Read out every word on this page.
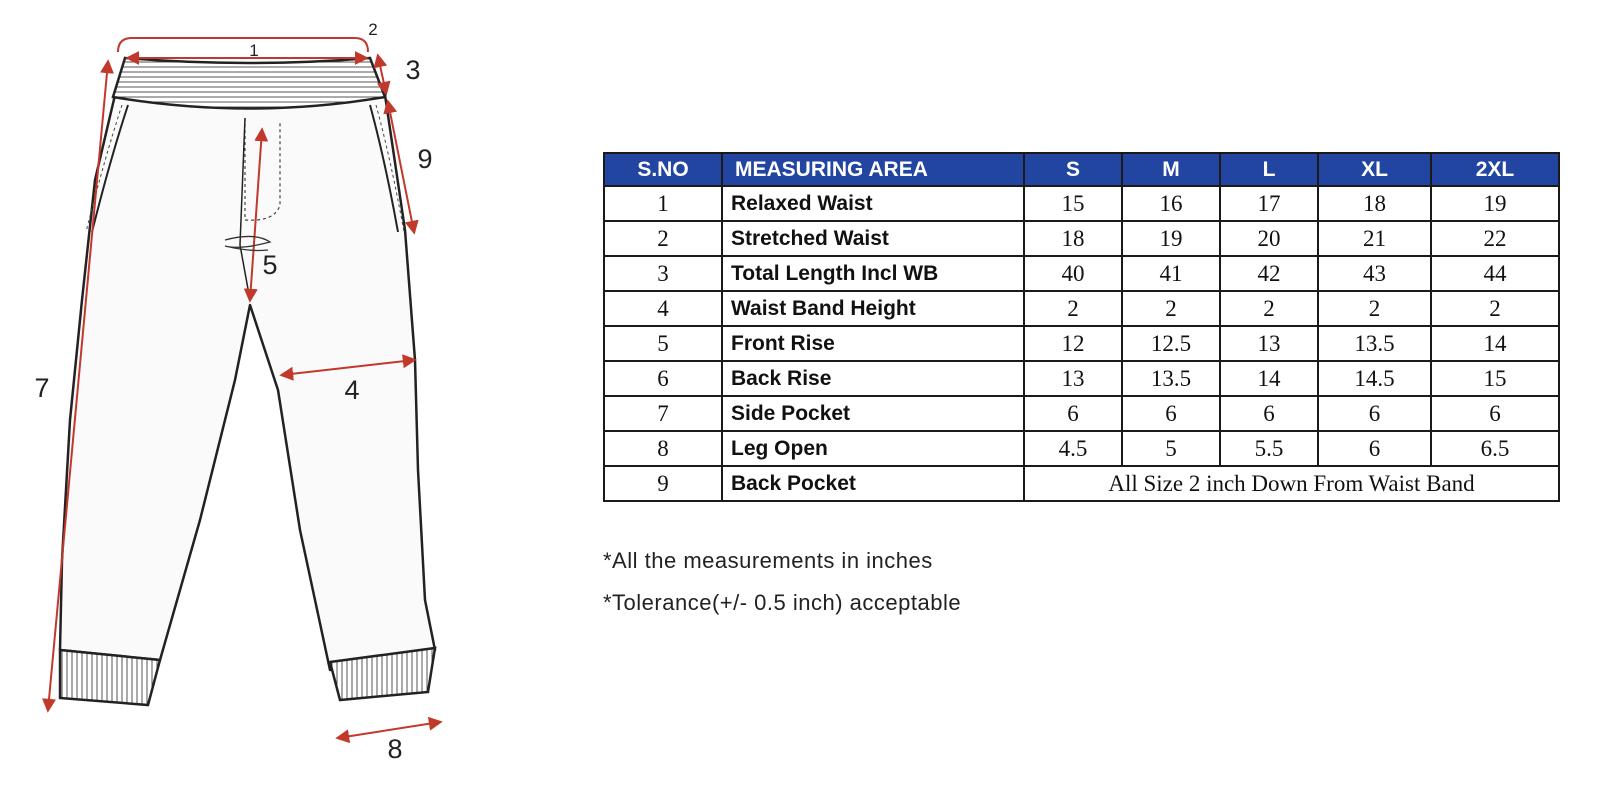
1
2
3
9
5
4
7
8
S.NO	MEASURING AREA	S	M	L	XL	2XL
1	Relaxed Waist	15	16	17	18	19
2	Stretched Waist	18	19	20	21	22
3	Total Length Incl WB	40	41	42	43	44
4	Waist Band Height	2	2	2	2	2
5	Front Rise	12	12.5	13	13.5	14
6	Back Rise	13	13.5	14	14.5	15
7	Side Pocket	6	6	6	6	6
8	Leg Open	4.5	5	5.5	6	6.5
9	Back Pocket	All Size 2 inch Down From Waist Band				
*All the measurements in inches
*Tolerance(+/- 0.5 inch) acceptable
